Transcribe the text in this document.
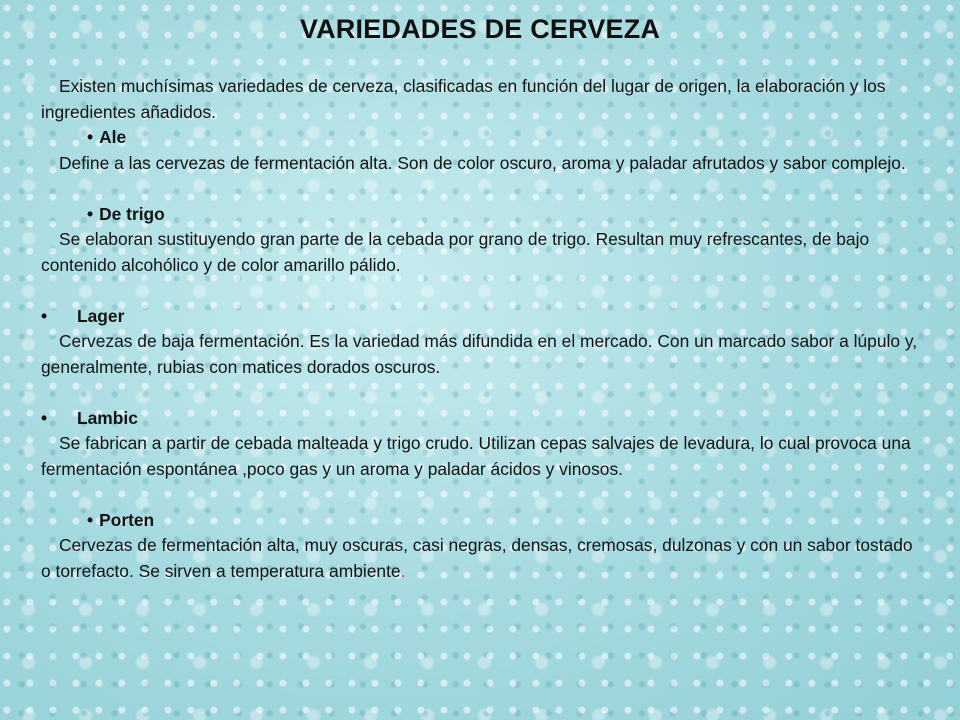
VARIEDADES DE CERVEZA
Existen muchísimas variedades de cerveza, clasificadas en función del lugar de origen, la elaboración y los ingredientes añadidos.
• Ale
Define a las cervezas de fermentación alta. Son de color oscuro, aroma y paladar afrutados y sabor complejo.
• De trigo
Se elaboran sustituyendo gran parte de la cebada por grano de trigo. Resultan muy refrescantes, de bajo contenido alcohólico y de color amarillo pálido.
• Lager
Cervezas de baja fermentación. Es la variedad más difundida en el mercado. Con un marcado sabor a lúpulo y, generalmente, rubias con matices dorados oscuros.
• Lambic
Se fabrican a partir de cebada malteada y trigo crudo. Utilizan cepas salvajes de levadura, lo cual provoca una fermentación espontánea ,poco gas y un aroma y paladar ácidos y vinosos.
• Porten
Cervezas de fermentación alta, muy oscuras, casi negras, densas, cremosas, dulzonas y con un sabor tostado o torrefacto. Se sirven a temperatura ambiente.
